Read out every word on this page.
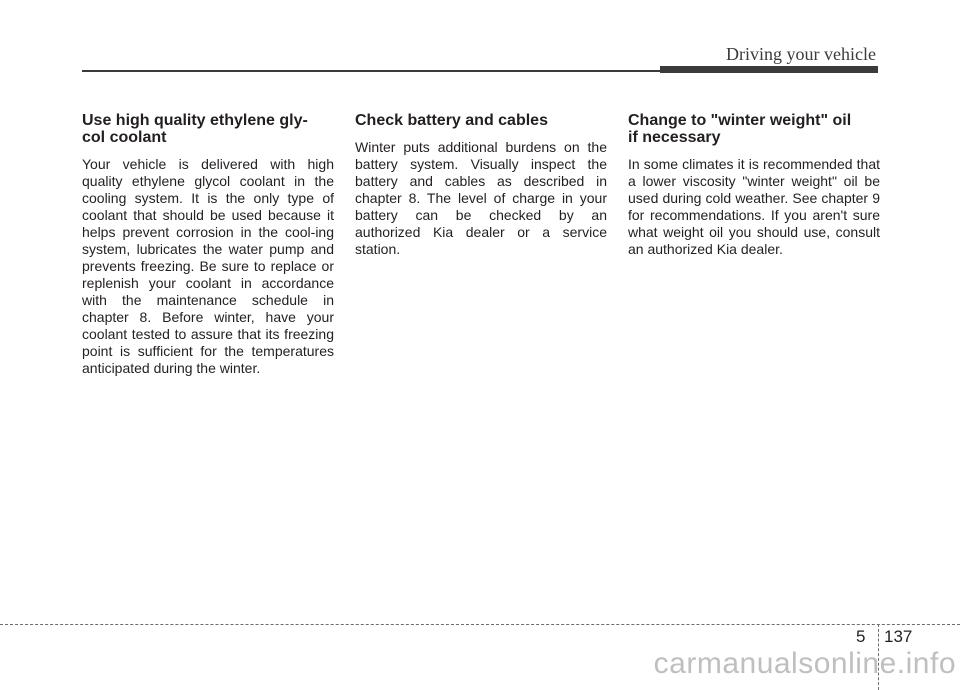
Driving your vehicle
Use high quality ethylene gly-
col coolant

Your vehicle is delivered with high quality ethylene glycol coolant in the cooling system. It is the only type of coolant that should be used because it helps prevent corrosion in the cool-ing system, lubricates the water pump and prevents freezing. Be sure to replace or replenish your coolant in accordance with the maintenance schedule in chapter 8. Before winter, have your coolant tested to assure that its freezing point is sufficient for the temperatures anticipated during the winter.

Check battery and cables

Winter puts additional burdens on the battery system. Visually inspect the battery and cables as described in chapter 8. The level of charge in your battery can be checked by an authorized Kia dealer or a service station.

Change to "winter weight" oil
if necessary

In some climates it is recommended that a lower viscosity "winter weight" oil be used during cold weather. See chapter 9 for recommendations. If you aren't sure what weight oil you should use, consult an authorized Kia dealer.

5 137
carmanualsonline.info
